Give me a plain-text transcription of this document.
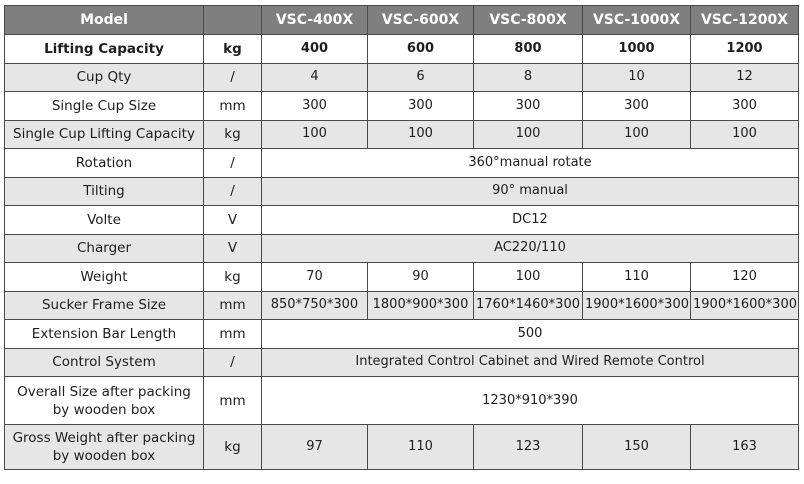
Model		VSC-400X	VSC-600X	VSC-800X	VSC-1000X	VSC-1200X
Lifting Capacity	kg	400	600	800	1000	1200
Cup Qty	/	4	6	8	10	12
Single Cup Size	mm	300	300	300	300	300
Single Cup Lifting Capacity	kg	100	100	100	100	100
Rotation	/	360°manual rotate				
Tilting	/	90° manual				
Volte	V	DC12				
Charger	V	AC220/110				
Weight	kg	70	90	100	110	120
Sucker Frame Size	mm	850*750*300	1800*900*300	1760*1460*300	1900*1600*300	1900*1600*300
Extension Bar Length	mm	500				
Control System	/	Integrated Control Cabinet and Wired Remote Control				
Overall Size after packing by wooden box	mm	1230*910*390				
Gross Weight after packing by wooden box	kg	97	110	123	150	163
